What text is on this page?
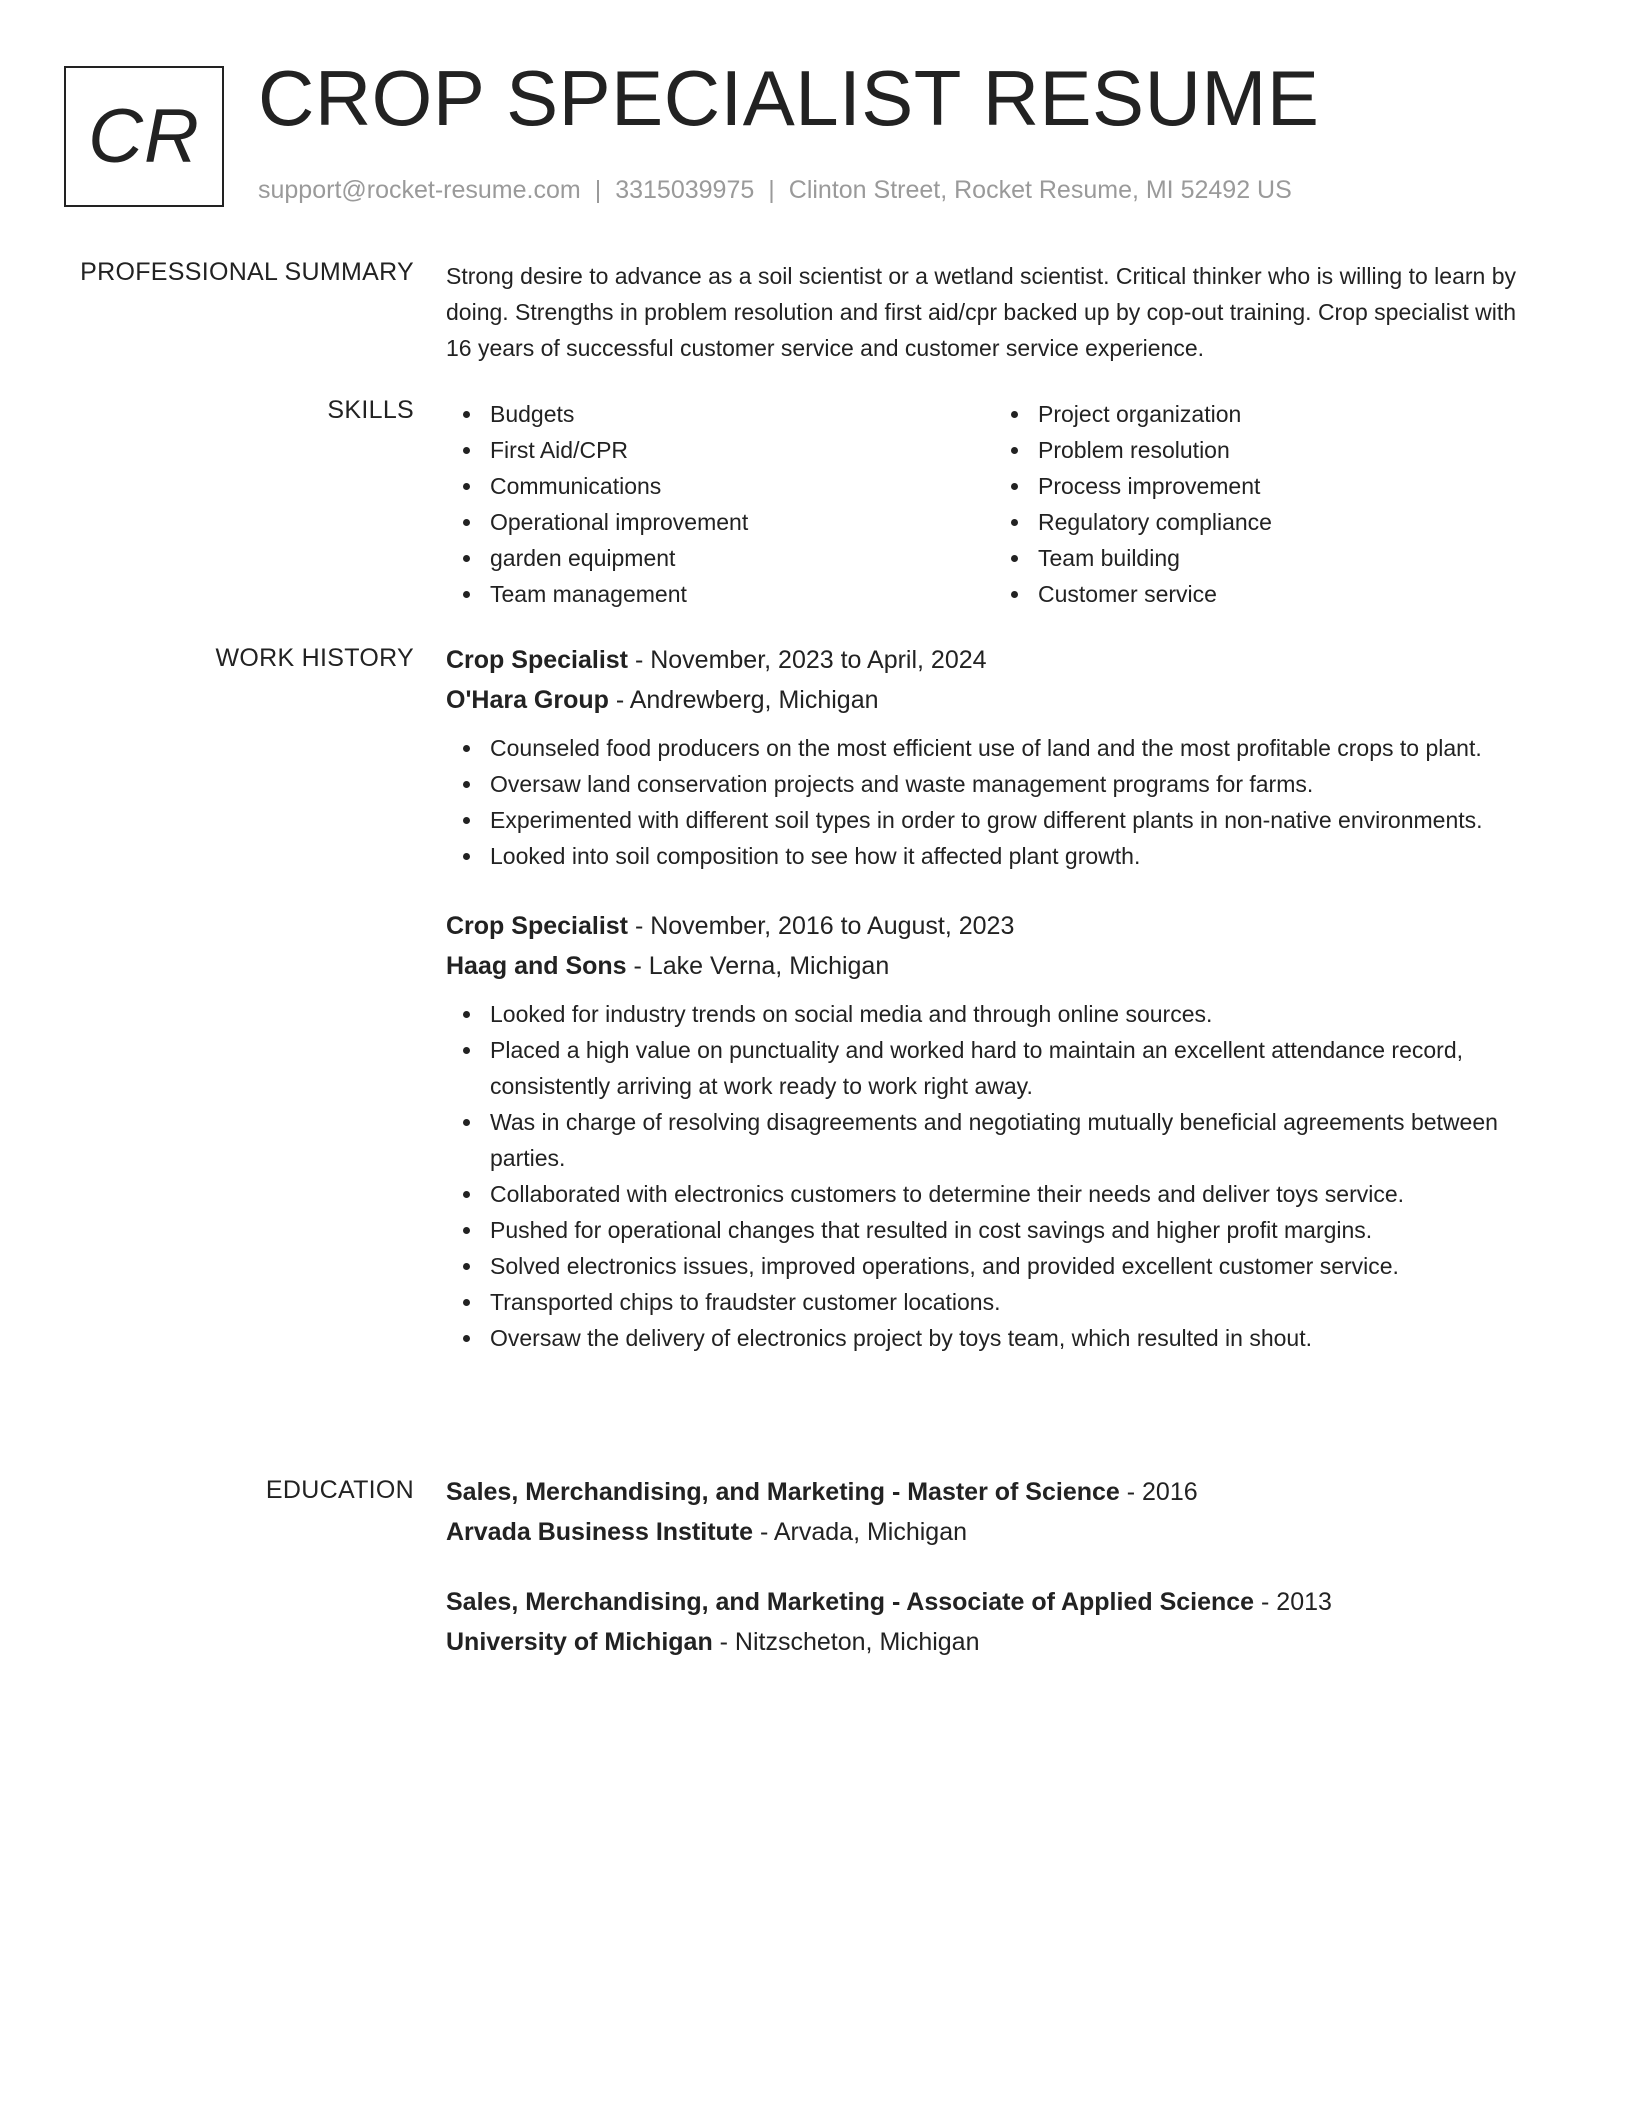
CR CROP SPECIALIST RESUME
support@rocket-resume.com | 3315039975 | Clinton Street, Rocket Resume, MI 52492 US
PROFESSIONAL SUMMARY Strong desire to advance as a soil scientist or a wetland scientist. Critical thinker who is willing to learn by doing. Strengths in problem resolution and first aid/cpr backed up by cop-out training. Crop specialist with 16 years of successful customer service and customer service experience.

SKILLS	Budgets
First Aid/CPR
Communications
Operational improvement
garden equipment
Team management
Project organization
Problem resolution
Process improvement
Regulatory compliance
Team building
Customer service
WORK HISTORY Crop Specialist - November, 2023 to April, 2024
O'Hara Group - Andrewberg, Michigan
Counseled food producers on the most efficient use of land and the most profitable crops to plant.
Oversaw land conservation projects and waste management programs for farms.
Experimented with different soil types in order to grow different plants in non-native environments.
Looked into soil composition to see how it affected plant growth.
Crop Specialist - November, 2016 to August, 2023
Haag and Sons - Lake Verna, Michigan
Looked for industry trends on social media and through online sources.
Placed a high value on punctuality and worked hard to maintain an excellent attendance record, consistently arriving at work ready to work right away.
Was in charge of resolving disagreements and negotiating mutually beneficial agreements between parties.
Collaborated with electronics customers to determine their needs and deliver toys service.
Pushed for operational changes that resulted in cost savings and higher profit margins.
Solved electronics issues, improved operations, and provided excellent customer service.
Transported chips to fraudster customer locations.
Oversaw the delivery of electronics project by toys team, which resulted in shout.
EDUCATION Sales, Merchandising, and Marketing - Master of Science - 2016
Arvada Business Institute - Arvada, Michigan
Sales, Merchandising, and Marketing - Associate of Applied Science - 2013
University of Michigan - Nitzscheton, Michigan
